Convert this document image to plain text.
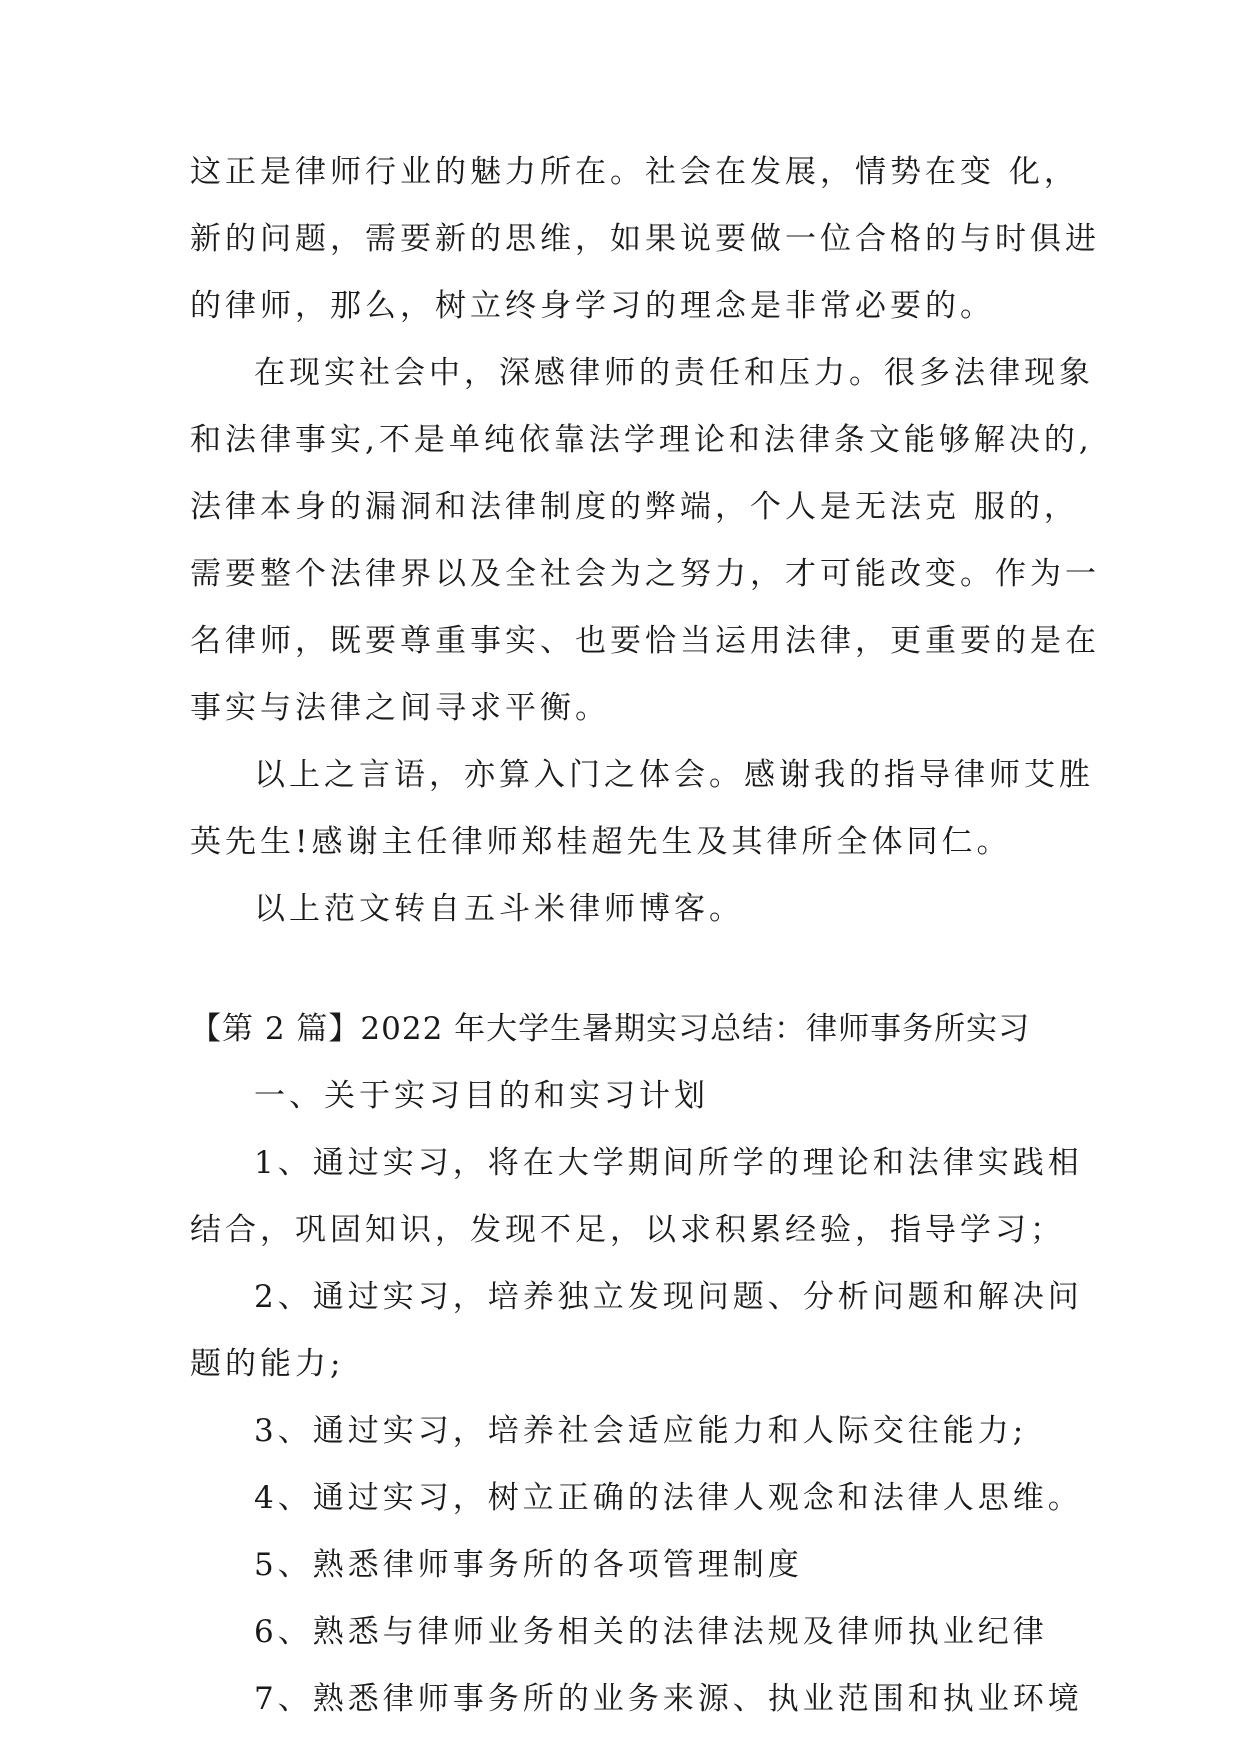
这正是律师行业的魅力所在。社会在发展，情势在变 化，
新的问题，需要新的思维，如果说要做一位合格的与时俱进
的律师，那么，树立终身学习的理念是非常必要的。
在现实社会中，深感律师的责任和压力。很多法律现象
和法律事实,不是单纯依靠法学理论和法律条文能够解决的,
法律本身的漏洞和法律制度的弊端，个人是无法克 服的，
需要整个法律界以及全社会为之努力，才可能改变。作为一
名律师，既要尊重事实、也要恰当运用法律，更重要的是在
事实与法律之间寻求平衡。
以上之言语，亦算入门之体会。感谢我的指导律师艾胜
英先生!感谢主任律师郑桂超先生及其律所全体同仁。
以上范文转自五斗米律师博客。
【第 2 篇】2022 年大学生暑期实习总结：律师事务所实习
一、关于实习目的和实习计划
1、通过实习，将在大学期间所学的理论和法律实践相
结合，巩固知识，发现不足，以求积累经验，指导学习；
2、通过实习，培养独立发现问题、分析问题和解决问
题的能力;
3、通过实习，培养社会适应能力和人际交往能力;
4、通过实习，树立正确的法律人观念和法律人思维。
5、熟悉律师事务所的各项管理制度
6、熟悉与律师业务相关的法律法规及律师执业纪律
7、熟悉律师事务所的业务来源、执业范围和执业环境
